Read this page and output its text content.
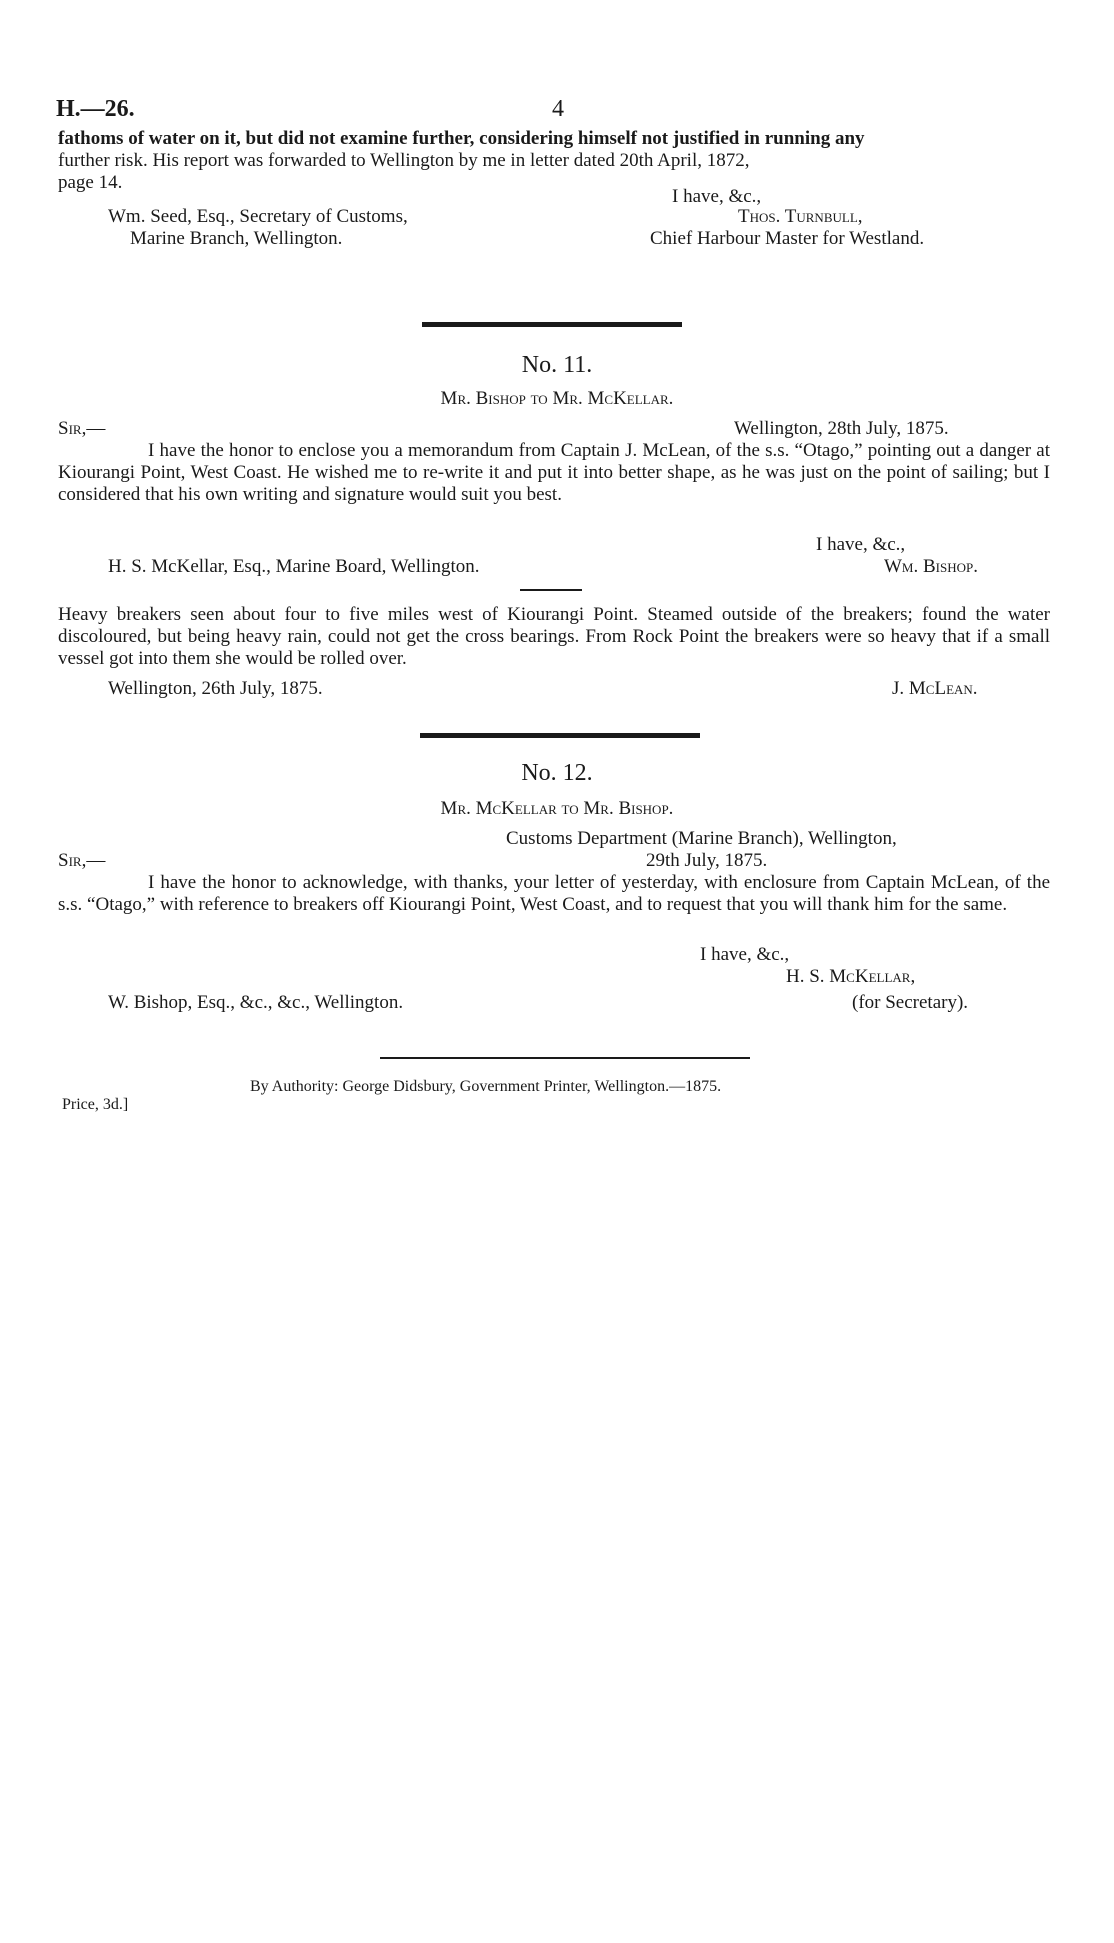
H.—26.	4
fathoms of water on it, but did not examine further, considering himself not justified in running any
further risk. His report was forwarded to Wellington by me in letter dated 20th April, 1872,
page 14.
I have, &c.,
Wm. Seed, Esq., Secretary of Customs,	Thos. Turnbull,
Marine Branch, Wellington.	Chief Harbour Master for Westland.
No. 11.
Mr. Bishop to Mr. McKellar.
Sir,—	Wellington, 28th July, 1875.
I have the honor to enclose you a memorandum from Captain J. McLean, of the s.s. “Otago,” pointing out a danger at Kiourangi Point, West Coast. He wished me to re-write it and put it into better shape, as he was just on the point of sailing; but I considered that his own writing and signature would suit you best.
I have, &c.,
H. S. McKellar, Esq., Marine Board, Wellington.	Wm. Bishop.
Heavy breakers seen about four to five miles west of Kiourangi Point. Steamed outside of the breakers; found the water discoloured, but being heavy rain, could not get the cross bearings. From Rock Point the breakers were so heavy that if a small vessel got into them she would be rolled over.
Wellington, 26th July, 1875.	J. McLean.
No. 12.
Mr. McKellar to Mr. Bishop.
Customs Department (Marine Branch), Wellington,
Sir,—	29th July, 1875.
I have the honor to acknowledge, with thanks, your letter of yesterday, with enclosure from Captain McLean, of the s.s. “Otago,” with reference to breakers off Kiourangi Point, West Coast, and to request that you will thank him for the same.
I have, &c.,
H. S. McKellar,
W. Bishop, Esq., &c., &c., Wellington.	(for Secretary).
By Authority: George Didsbury, Government Printer, Wellington.—1875.
Price, 3d.]
